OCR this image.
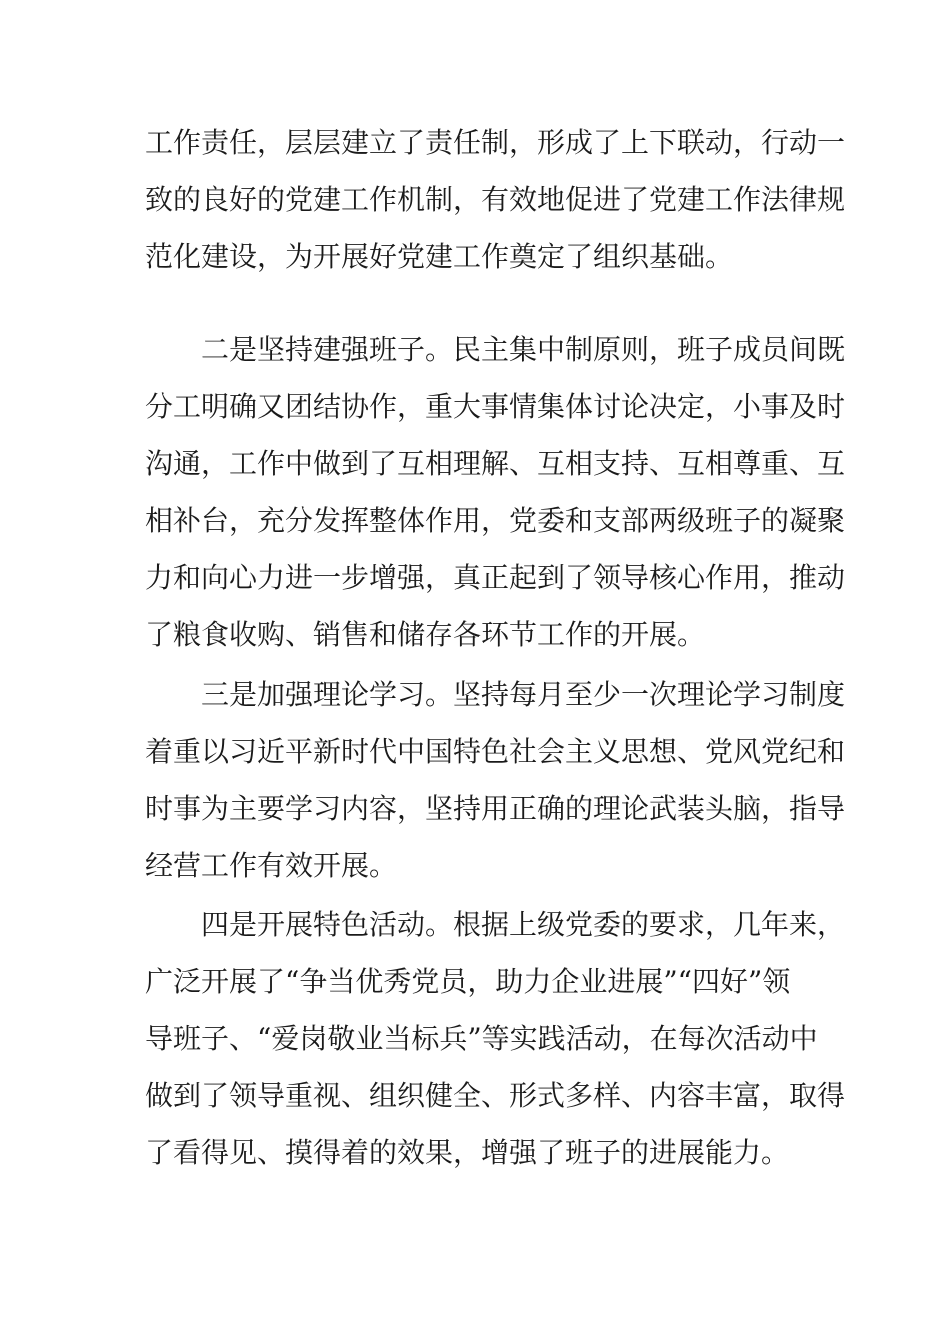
工作责任，层层建立了责任制，形成了上下联动，行动一
致的良好的党建工作机制，有效地促进了党建工作法律规
范化建设，为开展好党建工作奠定了组织基础。

二是坚持建强班子。民主集中制原则，班子成员间既
分工明确又团结协作，重大事情集体讨论决定，小事及时
沟通，工作中做到了互相理解、互相支持、互相尊重、互
相补台，充分发挥整体作用，党委和支部两级班子的凝聚
力和向心力进一步增强，真正起到了领导核心作用，推动
了粮食收购、销售和储存各环节工作的开展。

三是加强理论学习。坚持每月至少一次理论学习制度
着重以习近平新时代中国特色社会主义思想、党风党纪和
时事为主要学习内容，坚持用正确的理论武装头脑，指导
经营工作有效开展。

四是开展特色活动。根据上级党委的要求，几年来，
广泛开展了“争当优秀党员，助力企业进展”“四好”领
导班子、“爱岗敬业当标兵”等实践活动，在每次活动中
做到了领导重视、组织健全、形式多样、内容丰富，取得
了看得见、摸得着的效果，增强了班子的进展能力。
